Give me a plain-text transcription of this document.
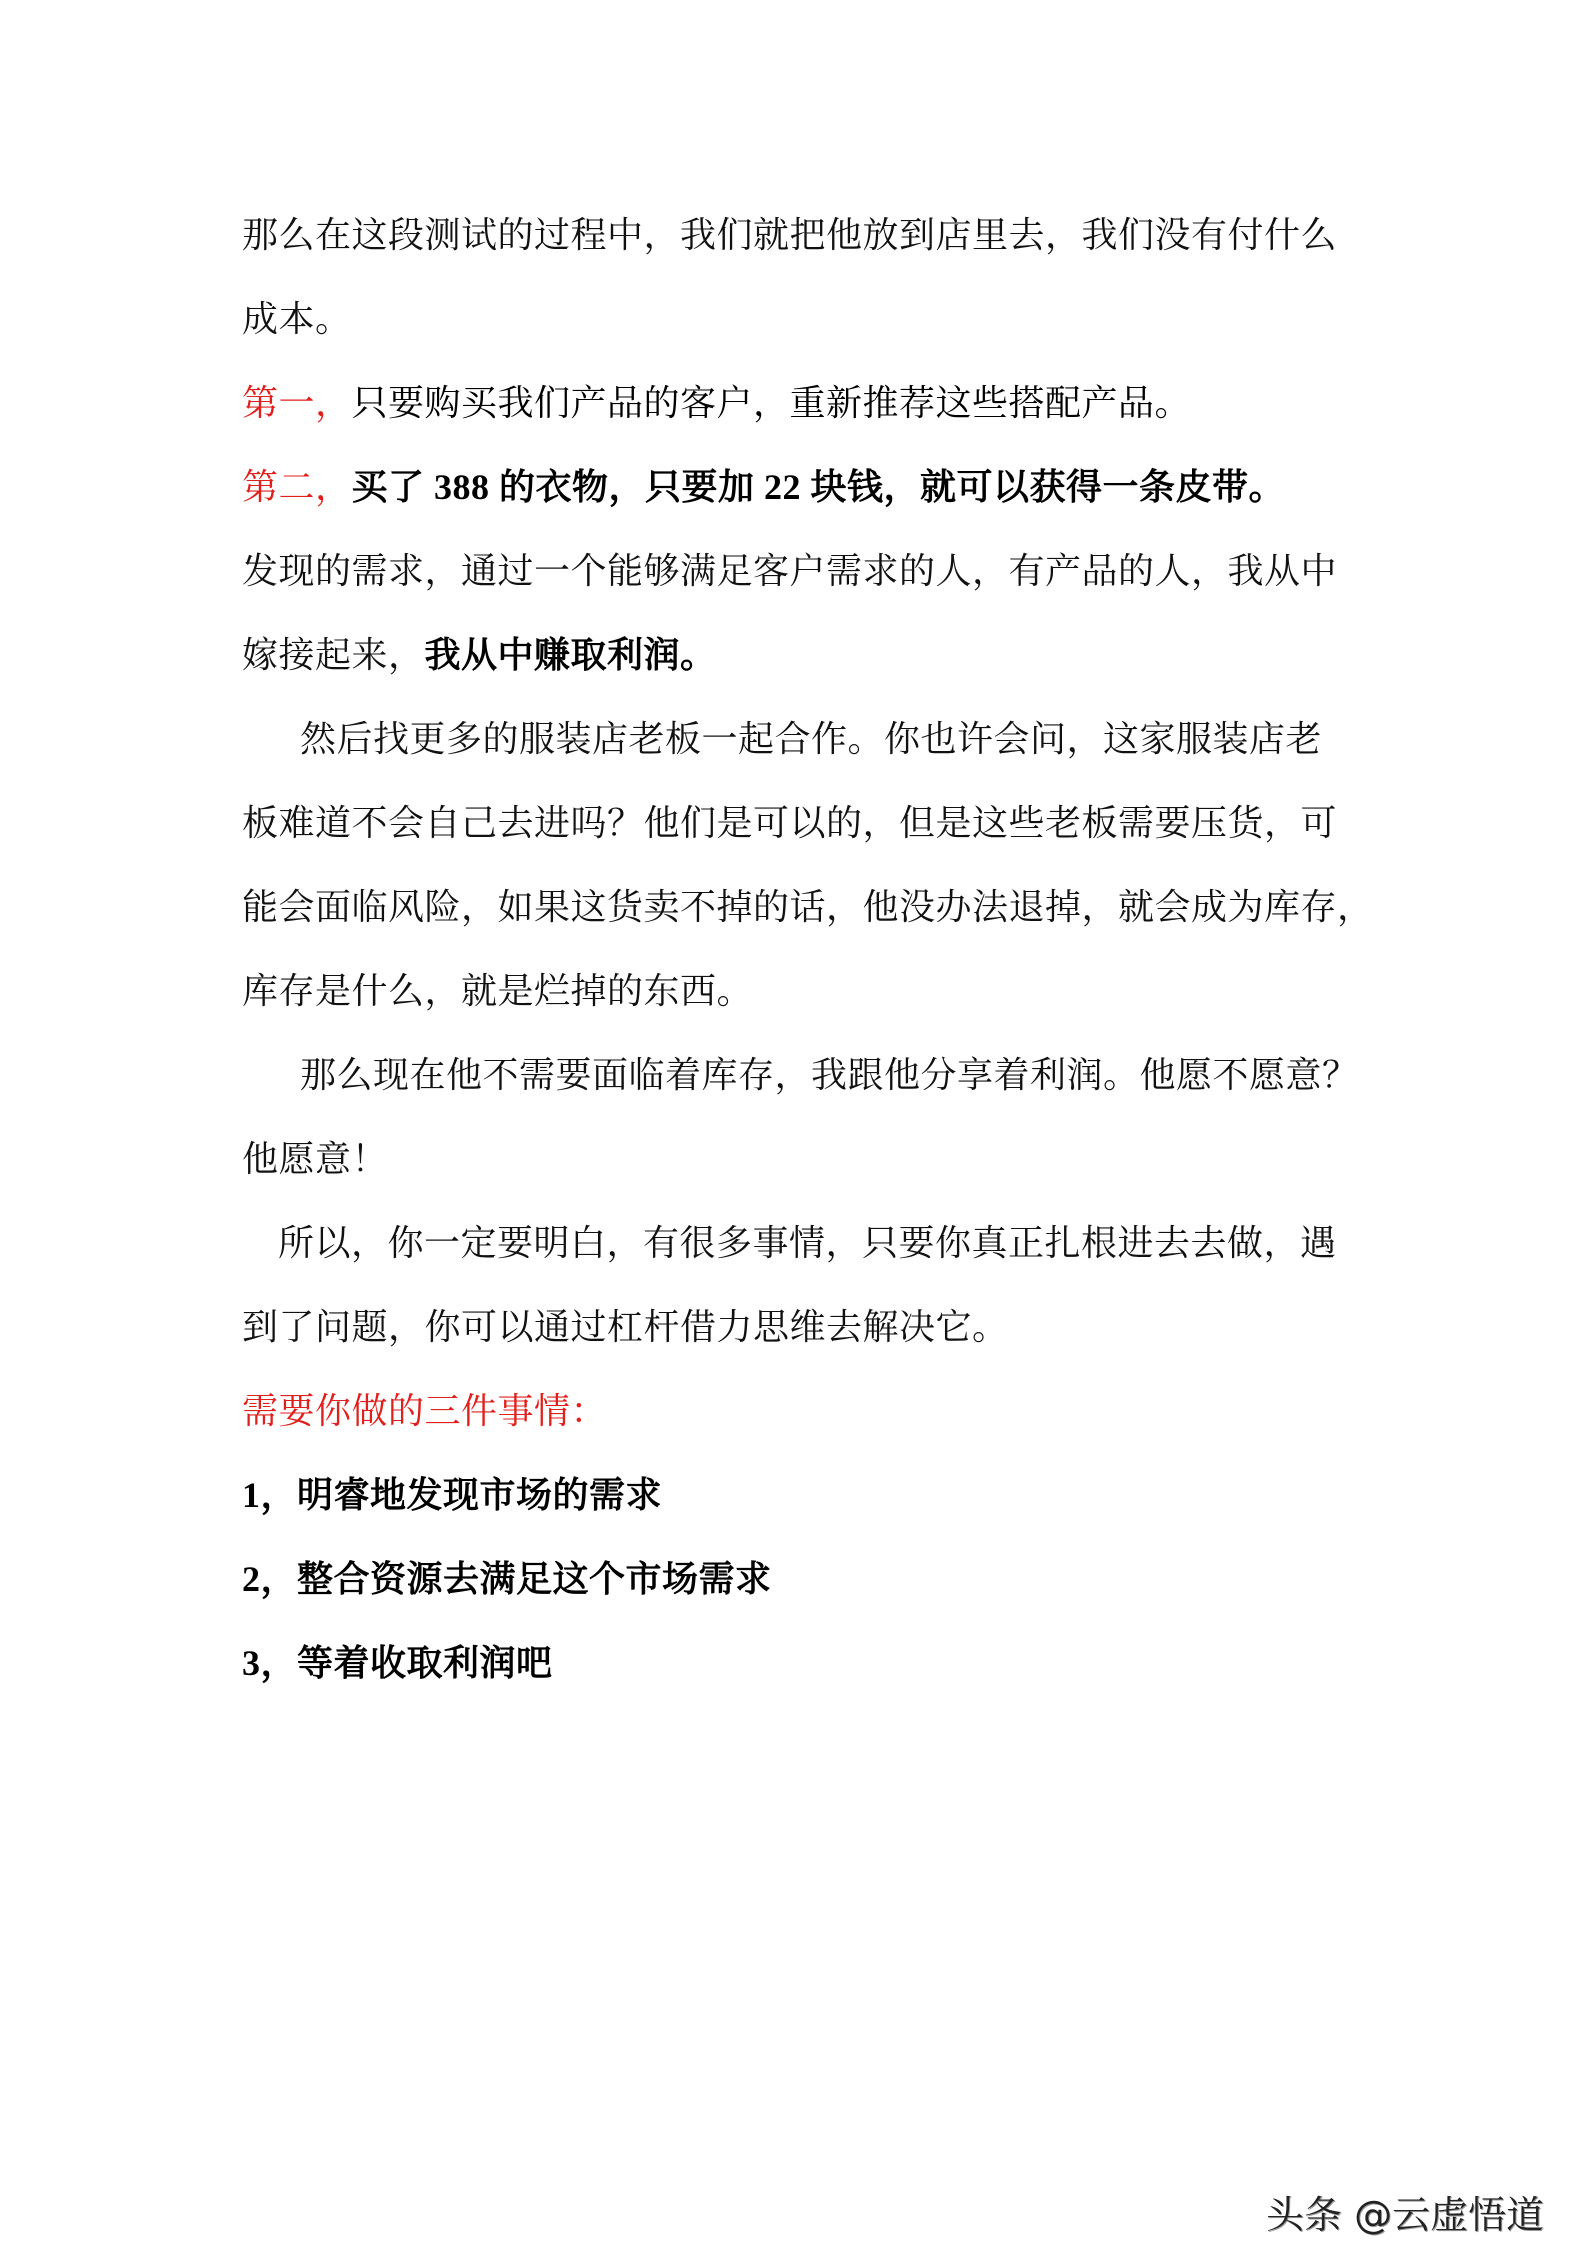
那么在这段测试的过程中，我们就把他放到店里去，我们没有付什么
成本。
第一，只要购买我们产品的客户，重新推荐这些搭配产品。
第二，买了 388 的衣物，只要加 22 块钱，就可以获得一条皮带。
发现的需求，通过一个能够满足客户需求的人，有产品的人，我从中
嫁接起来，我从中赚取利润。
然后找更多的服装店老板一起合作。你也许会问，这家服装店老
板难道不会自己去进吗？他们是可以的，但是这些老板需要压货，可
能会面临风险，如果这货卖不掉的话，他没办法退掉，就会成为库存，
库存是什么，就是烂掉的东西。
那么现在他不需要面临着库存，我跟他分享着利润。他愿不愿意？
他愿意！
所以，你一定要明白，有很多事情，只要你真正扎根进去去做，遇
到了问题，你可以通过杠杆借力思维去解决它。
需要你做的三件事情：
1，明睿地发现市场的需求
2，整合资源去满足这个市场需求
3，等着收取利润吧
头条 @云虚悟道
